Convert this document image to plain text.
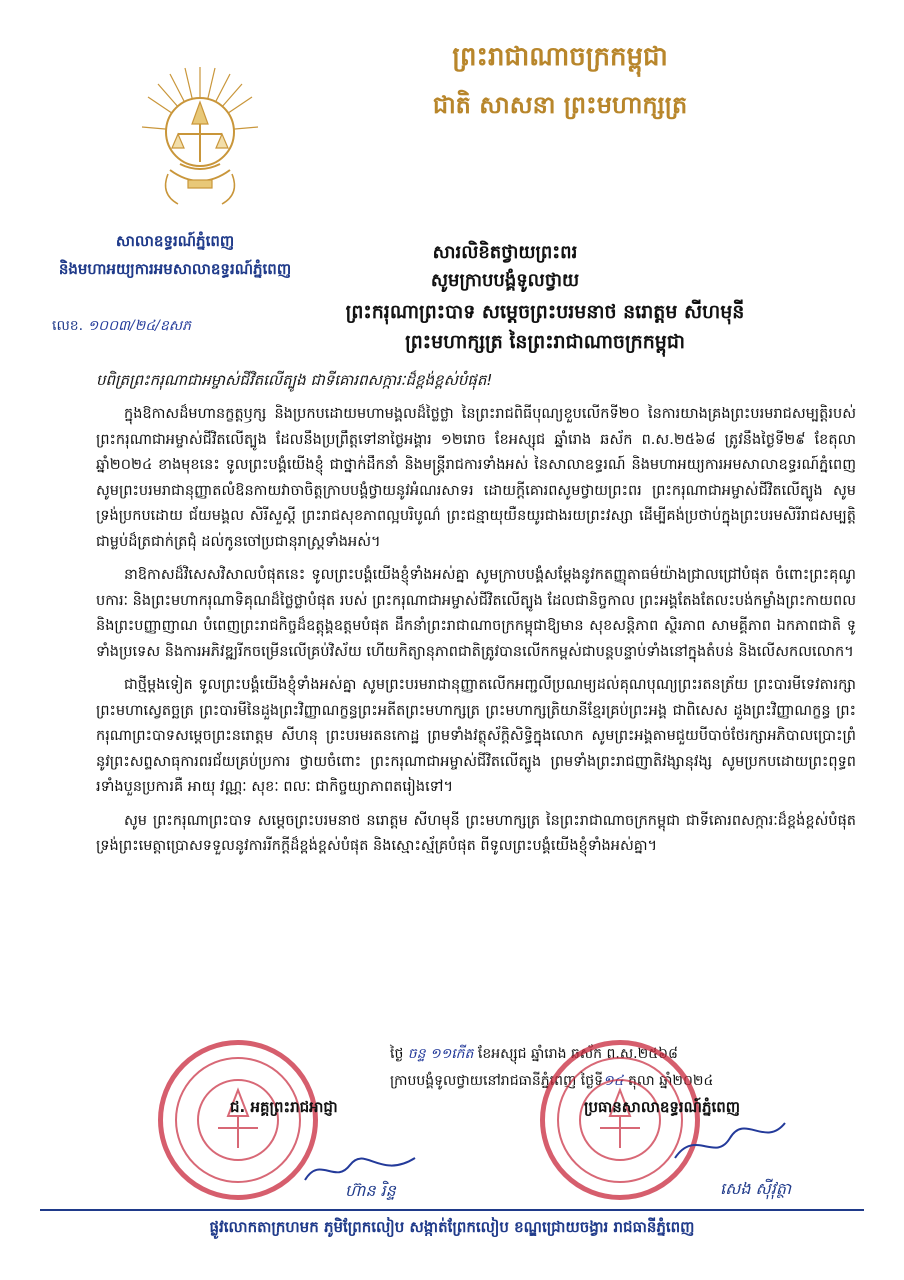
ព្រះរាជាណាចក្រកម្ពុជា
ជាតិ សាសនា ព្រះមហាក្សត្រ
សាលាឧទ្ធរណ៍ភ្នំពេញ
និងមហាអយ្យការអមសាលាឧទ្ធរណ៍ភ្នំពេញ
សារលិខិតថ្វាយព្រះពរ
សូមក្រាបបង្គំទូលថ្វាយ
លេខ. ១០០៣/២៤/ឧសភ
ព្រះករុណាព្រះបាទ សម្តេចព្រះបរមនាថ នរោត្តម សីហមុនី
ព្រះមហាក្សត្រ នៃព្រះរាជាណាចក្រកម្ពុជា
បពិត្រព្រះករុណាជាអម្ចាស់ជីវិតលើត្បូង ជាទីគោរពសក្ការៈដ៏ខ្ពង់ខ្ពស់បំផុត!

ក្នុងឱកាសដ៏មហានក្ខត្តឫក្ស និងប្រកបដោយមហាមង្គលដ៏ថ្លៃថ្លា នៃព្រះរាជពិធីបុណ្យខួបលើកទី២០ នៃការយាងគ្រងព្រះបរមរាជសម្បត្តិរបស់ ព្រះករុណាជាអម្ចាស់ជីវិតលើត្បូង ដែលនឹងប្រព្រឹត្តទៅនាថ្ងៃអង្គារ ១២រោច ខែអស្សុជ ឆ្នាំរោង ឆស័ក ព.ស.២៥៦៨ ត្រូវនឹងថ្ងៃទី២៩ ខែតុលា ឆ្នាំ២០២៤ ខាងមុខនេះ ទូលព្រះបង្គំយើងខ្ញុំ ជាថ្នាក់ដឹកនាំ និងមន្ត្រីរាជការទាំងអស់ នៃសាលាឧទ្ធរណ៍ និងមហាអយ្យការអមសាលាឧទ្ធរណ៍ភ្នំពេញ សូមព្រះបរមរាជានុញ្ញាតលំឱនកាយវាចាចិត្តក្រាបបង្គំថ្វាយនូវអំណរសាទរ ដោយក្តីគោរពសូមថ្វាយព្រះពរ ព្រះករុណាជាអម្ចាស់ជីវិតលើត្បូង សូមទ្រង់ប្រកបដោយ ជ័យមង្គល សិរីសួស្តី ព្រះរាជសុខភាពល្អបរិបូណ៌ ព្រះជន្មាយុយឺនយូរជាងរយព្រះវស្សា ដើម្បីគង់ប្រថាប់ក្នុងព្រះបរមសិរីរាជសម្បត្តិជាម្លប់ដ៏ត្រជាក់ត្រជុំ ដល់កូនចៅប្រជានុរាស្ត្រទាំងអស់។

នាឱកាសដ៏វិសេសវិសាលបំផុតនេះ ទូលព្រះបង្គំយើងខ្ញុំទាំងអស់គ្នា សូមក្រាបបង្គំសម្តែងនូវកតញ្ញុតាធម៌យ៉ាងជ្រាលជ្រៅបំផុត ចំពោះព្រះគុណូបការៈ និងព្រះមហាករុណាទិគុណដ៏ថ្លៃថ្លាបំផុត របស់ ព្រះករុណាជាអម្ចាស់ជីវិតលើត្បូង ដែលជានិច្ចកាល ព្រះអង្គតែងតែលះបង់កម្លាំងព្រះកាយពល និងព្រះបញ្ញាញាណ បំពេញព្រះរាជកិច្ចដ៏ឧត្តុង្គឧត្តមបំផុត ដឹកនាំព្រះរាជាណាចក្រកម្ពុជាឱ្យមាន សុខសន្តិភាព ស្ថិរភាព សាមគ្គីភាព ឯកភាពជាតិ ទូទាំងប្រទេស និងការអភិវឌ្ឍរីកចម្រើនលើគ្រប់វិស័យ ហើយកិត្យានុភាពជាតិត្រូវបានលើកកម្ពស់ជាបន្តបន្ទាប់ទាំងនៅក្នុងតំបន់ និងលើសកលលោក។

ជាថ្មីម្តងទៀត ទូលព្រះបង្គំយើងខ្ញុំទាំងអស់គ្នា សូមព្រះបរមរាជានុញ្ញាតលើកអញ្ជលីប្រណម្យដល់គុណបុណ្យព្រះរតនត្រ័យ ព្រះបារមីទេវតារក្សាព្រះមហាស្វេតច្ឆត្រ ព្រះបារមីនៃដួងព្រះវិញ្ញាណក្ខន្ធព្រះអតីតព្រះមហាក្សត្រ ព្រះមហាក្សត្រិយានីខ្មែរគ្រប់ព្រះអង្គ ជាពិសេស ដួងព្រះវិញ្ញាណក្ខន្ធ ព្រះករុណាព្រះបាទសម្តេចព្រះនរោត្តម សីហនុ ព្រះបរមរតនកោដ្ឋ ព្រមទាំងវត្ថុស័ក្តិសិទ្ធិក្នុងលោក សូមព្រះអង្គតាមជួយបីបាច់ថែរក្សាអភិបាលប្រោះព្រំនូវព្រះសព្ទសាធុការពរជ័យគ្រប់ប្រការ ថ្វាយចំពោះ ព្រះករុណាជាអម្ចាស់ជីវិតលើត្បូង ព្រមទាំងព្រះរាជញាតិវង្សានុវង្ស សូមប្រកបដោយព្រះពុទ្ធពរទាំងបួនប្រការគឺ អាយុ វណ្ណៈ សុខៈ ពលៈ ជាកិច្ចយ្យាភាពតរៀងទៅ។

សូម ព្រះករុណាព្រះបាទ សម្តេចព្រះបរមនាថ នរោត្តម សីហមុនី ព្រះមហាក្សត្រ នៃព្រះរាជាណាចក្រកម្ពុជា ជាទីគោរពសក្ការៈដ៏ខ្ពង់ខ្ពស់បំផុត ទ្រង់ព្រះមេត្តាប្រោសទទួលនូវការរីកក្តីដ៏ខ្ពង់ខ្ពស់បំផុត និងស្មោះស្ម័គ្របំផុត ពីទូលព្រះបង្គំយើងខ្ញុំទាំងអស់គ្នា។

ថ្ងៃ ចន្ទ ១១កើត ខែអស្សុជ ឆ្នាំរោង ឆស័ក ព.ស.២៥៦៨
ក្រាបបង្គំទូលថ្វាយនៅរាជធានីភ្នំពេញ ថ្ងៃទី១៤ តុលា ឆ្នាំ២០២៤
ជ. អគ្គព្រះរាជអាជ្ញា	ប្រធានសាលាឧទ្ធរណ៍ភ្នំពេញ
ហ៊ាន រិន្ទ	សេង ស៊ីវុត្ថា
ផ្លូវលោកតាក្រហមក ភូមិព្រែកលៀប សង្កាត់ព្រែកលៀប ខណ្ឌជ្រោយចង្វារ រាជធានីភ្នំពេញ
